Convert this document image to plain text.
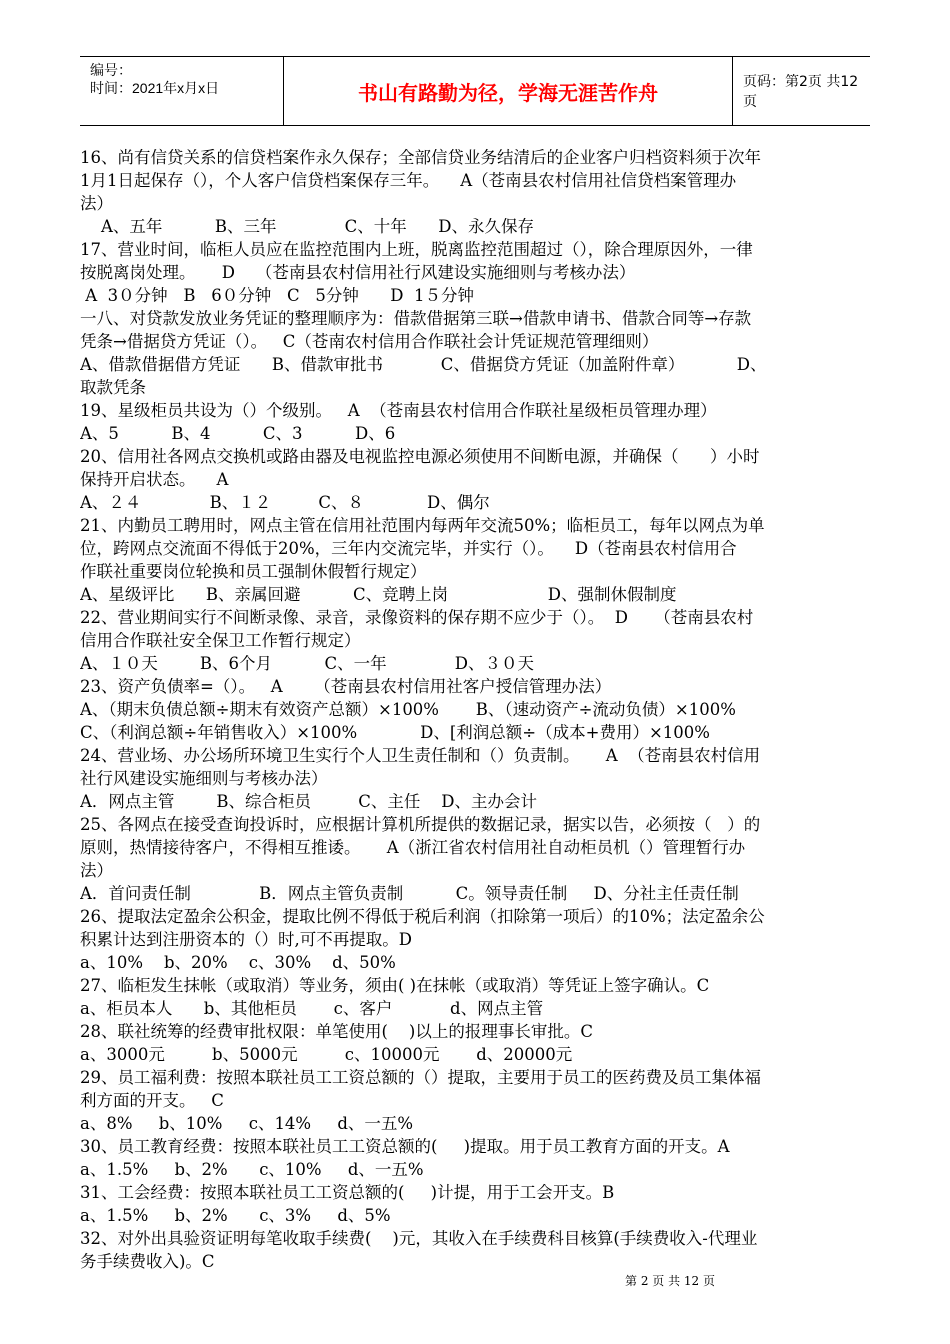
编号：
时间：2021年x月x日	书山有路勤为径，学海无涯苦作舟	页码：第2页 共12页
16、尚有信贷关系的信贷档案作永久保存；全部信贷业务结清后的企业客户归档资料须于次年
1月1日起保存（），个人客户信贷档案保存三年。    A（苍南县农村信用社信贷档案管理办
法）
A、五年          B、三年             C、十年      D、永久保存
17、营业时间，临柜人员应在监控范围内上班，脱离监控范围超过（），除合理原因外，一律
按脱离岗处理。     D    （苍南县农村信用社行风建设实施细则与考核办法）
A  3０分钟   B   6０分钟   C   5分钟      D  1５分钟
一八、对贷款发放业务凭证的整理顺序为：借款借据第三联→借款申请书、借款合同等→存款
凭条→借据贷方凭证（）。   C（苍南农村信用合作联社会计凭证规范管理细则）
A、借款借据借方凭证      B、借款审批书           C、借据贷方凭证（加盖附件章）          D、
取款凭条
19、星级柜员共设为（）个级别。   A  （苍南县农村信用合作联社星级柜员管理办理）
A、5          B、4          C、3          D、6
20、信用社各网点交换机或路由器及电视监控电源必须使用不间断电源，并确保（      ）小时
保持开启状态。    A
A、２４             B、１２         C、８            D、偶尔
21、内勤员工聘用时，网点主管在信用社范围内每两年交流50%；临柜员工，每年以网点为单
位，跨网点交流面不得低于20%，三年内交流完毕，并实行（）。    D（苍南县农村信用合
作联社重要岗位轮换和员工强制休假暂行规定）
A、星级评比      B、亲属回避          C、竞聘上岗                   D、强制休假制度
22、营业期间实行不间断录像、录音，录像资料的保存期不应少于（）。  D     （苍南县农村
信用合作联社安全保卫工作暂行规定）
A、１０天        B、6个月          C、一年             D、３０天
23、资产负债率=（）。   A      （苍南县农村信用社客户授信管理办法）
A、（期末负债总额÷期末有效资产总额）×100%       B、（速动资产÷流动负债）×100%
C、（利润总额÷年销售收入）×100%            D、[利润总额÷（成本+费用）×100%
24、营业场、办公场所环境卫生实行个人卫生责任制和（）负责制。     A  （苍南县农村信用
社行风建设实施细则与考核办法）
A．网点主管        B、综合柜员         C、主任    D、主办会计
25、各网点在接受查询投诉时，应根据计算机所提供的数据记录，据实以告，必须按（   ）的
原则，热情接待客户，不得相互推诿。     A（浙江省农村信用社自动柜员机（）管理暂行办
法）
A．首问责任制             B．网点主管负责制          C。领导责任制     D、分社主任责任制
26、提取法定盈余公积金，提取比例不得低于税后利润（扣除第一项后）的10%；法定盈余公
积累计达到注册资本的（）时,可不再提取。D
a、10%    b、20%    c、30%    d、50%
27、临柜发生抹帐（或取消）等业务，须由( )在抹帐（或取消）等凭证上签字确认。C
a、柜员本人      b、其他柜员       c、客户           d、网点主管
28、联社统筹的经费审批权限：单笔使用(    )以上的报理事长审批。C
a、3000元         b、5000元         c、10000元       d、20000元
29、员工福利费：按照本联社员工工资总额的（）提取，主要用于员工的医药费及员工集体福
利方面的开支。   C
a、8%     b、10%     c、14%     d、一五%
30、员工教育经费：按照本联社员工工资总额的(     )提取。用于员工教育方面的开支。A
a、1.5%     b、2%      c、10%     d、一五%
31、工会经费：按照本联社员工工资总额的(     )计提，用于工会开支。B
a、1.5%     b、2%      c、3%     d、5%
32、对外出具验资证明每笔收取手续费(    )元，其收入在手续费科目核算(手续费收入-代理业
务手续费收入)。C
第 2 页 共 12 页
